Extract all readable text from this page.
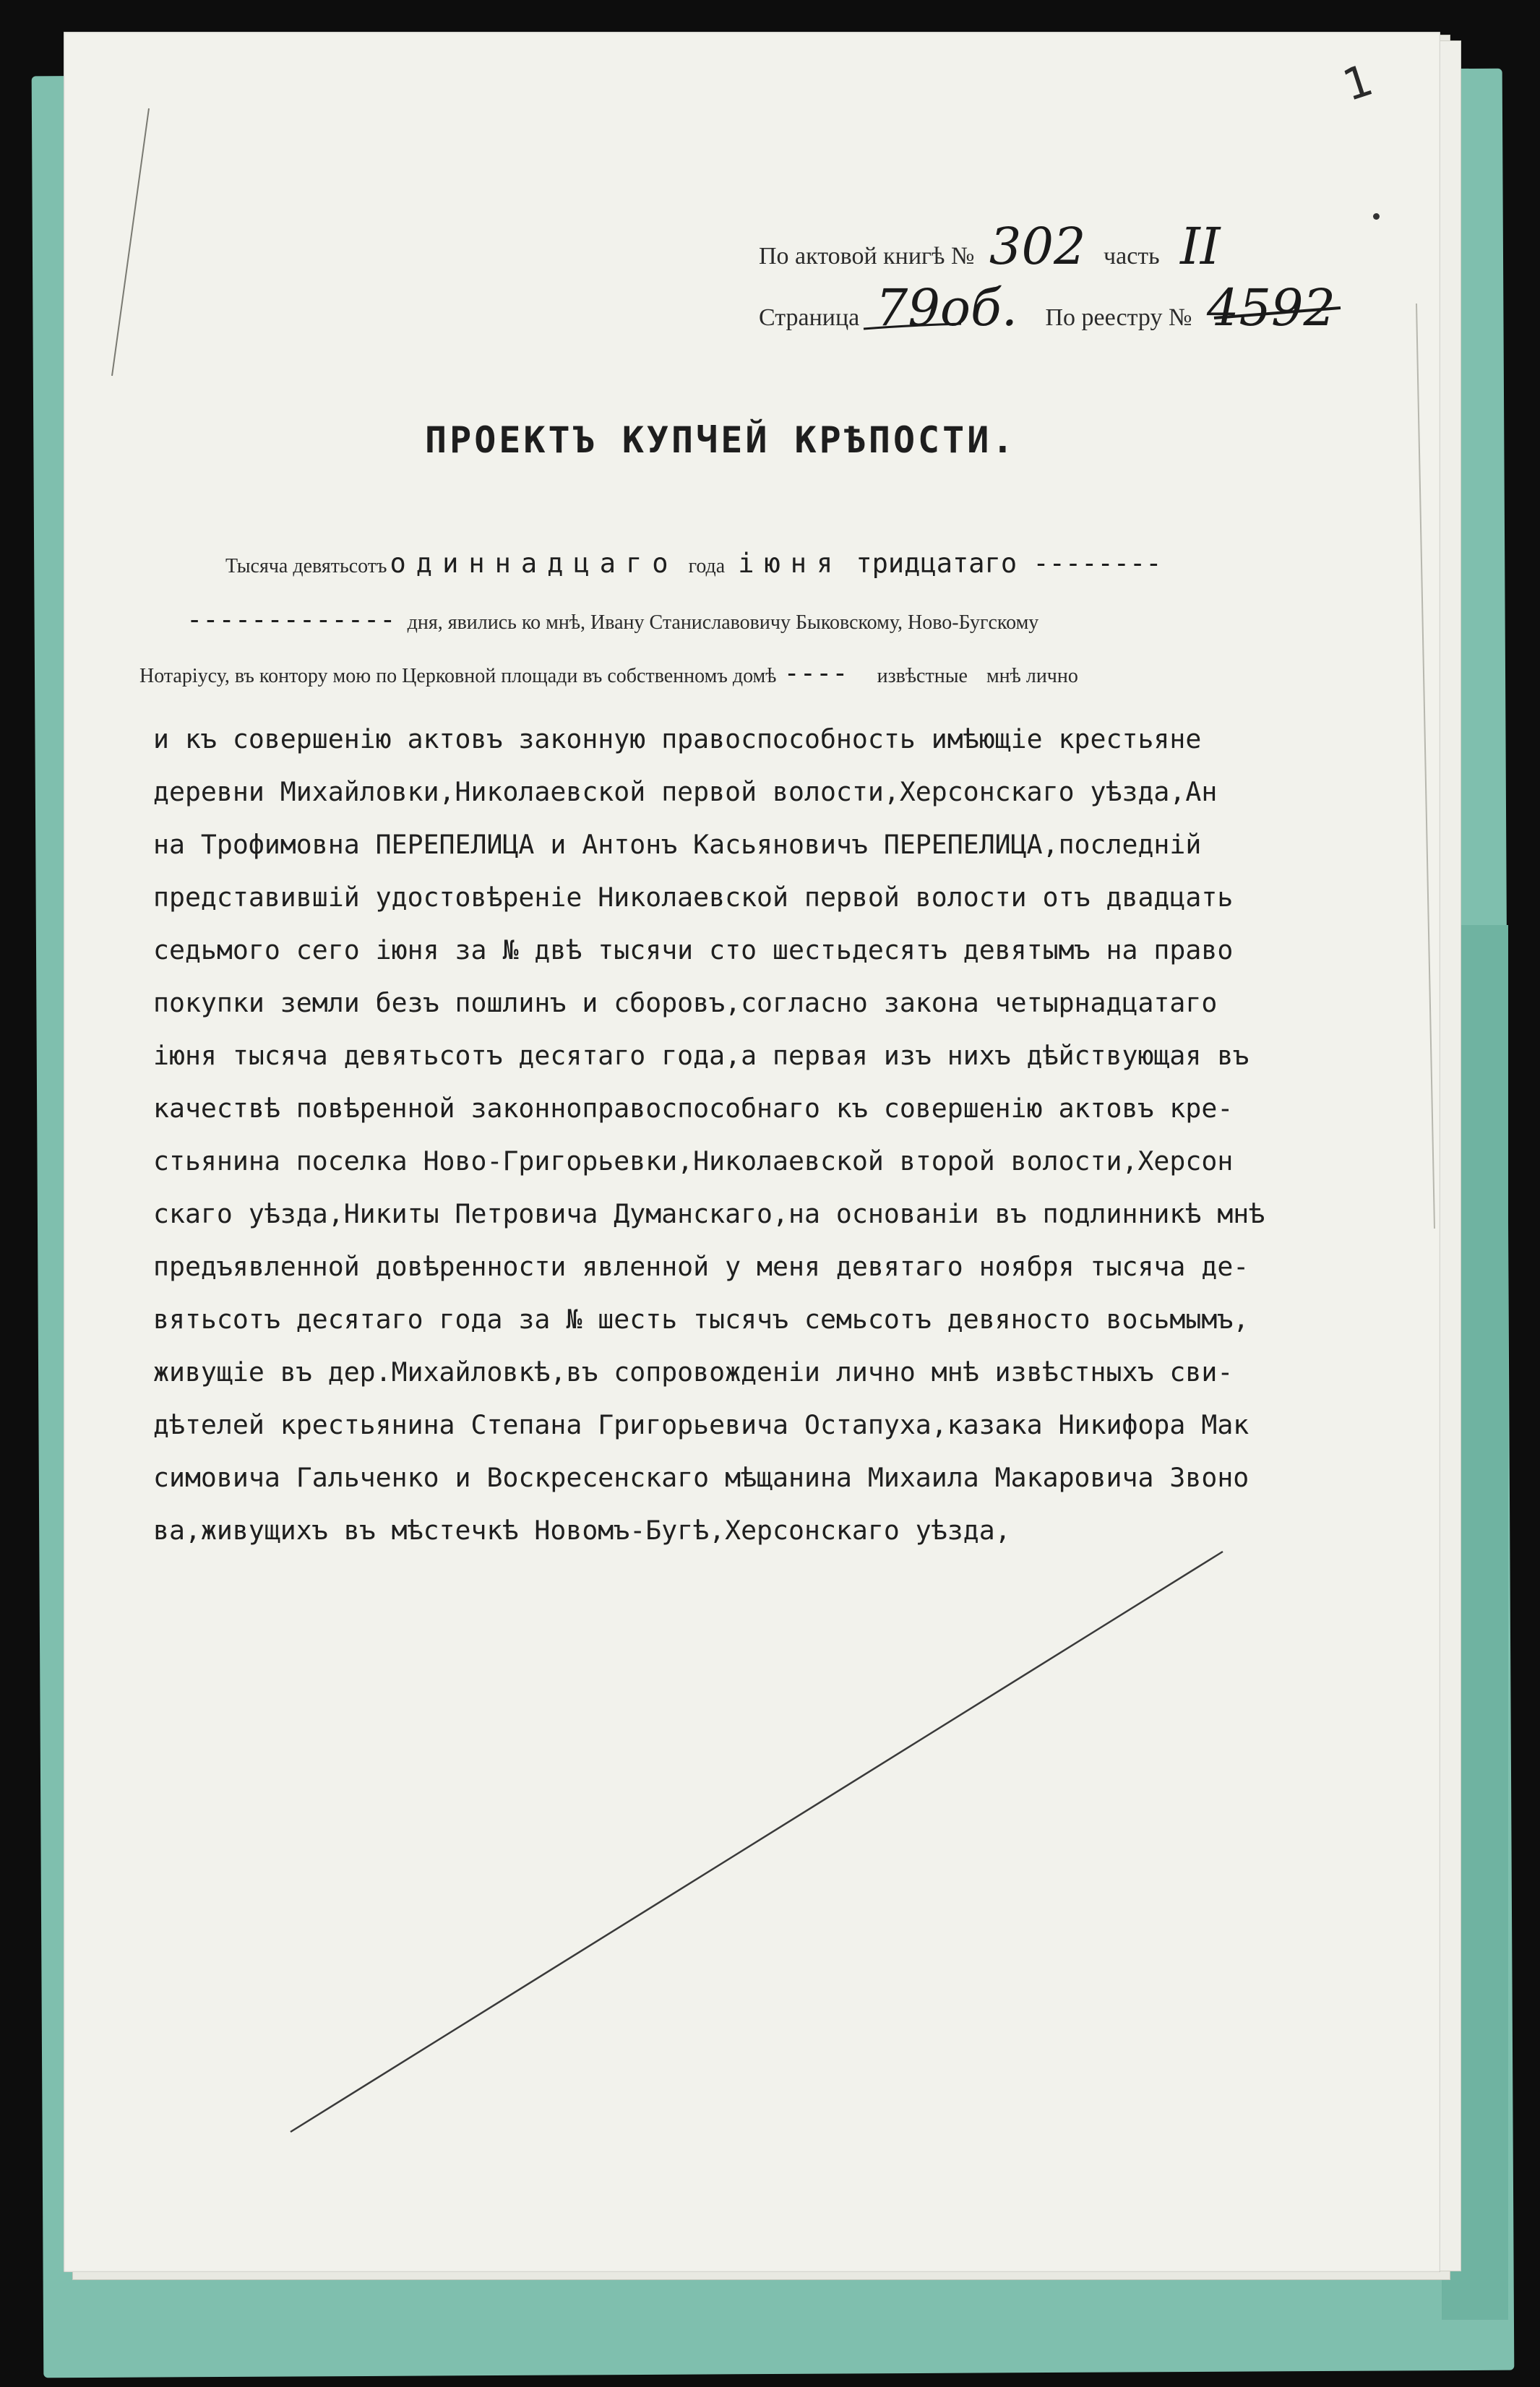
1
По актовой книгѣ № 302 часть II
Страница 79об. По реестру № 4592
ПРОЕКТЪ КУПЧЕЙ КРѢПОСТИ.
Тысяча девятьсотъ одиннадцаго года іюня тридцатаго --------
------------- дня, явились ко мнѣ, Ивану Станиславовичу Быковскому, Ново-Бугскому
Нотаріусу, въ контору мою по Церковной площади въ собственномъ домѣ ---- извѣстные мнѣ лично
и къ совершенію актовъ законную правоспособность имѣющіе крестьяне
деревни Михайловки,Николаевской первой волости,Херсонскаго уѣзда,Ан
на Трофимовна ПЕРЕПЕЛИЦА и Антонъ Касьяновичъ ПЕРЕПЕЛИЦА,последній
представившій удостовѣреніе Николаевской первой волости отъ двадцать
седьмого сего іюня за № двѣ тысячи сто шестьдесятъ девятымъ на право
покупки земли безъ пошлинъ и сборовъ,согласно закона четырнадцатаго
іюня тысяча девятьсотъ десятаго года,а первая изъ нихъ дѣйствующая въ
качествѣ повѣренной законноправоспособнаго къ совершенію актовъ кре-
стьянина поселка Ново-Григорьевки,Николаевской второй волости,Херсон
скаго уѣзда,Никиты Петровича Думанскаго,на основаніи въ подлинникѣ мнѣ
предъявленной довѣренности явленной у меня девятаго ноября тысяча де-
вятьсотъ десятаго года за № шесть тысячъ семьсотъ девяносто восьмымъ,
живущіе въ дер.Михайловкѣ,въ сопровожденіи лично мнѣ извѣстныхъ сви-
дѣтелей крестьянина Степана Григорьевича Остапуха,казака Никифора Мак
симовича Гальченко и Воскресенскаго мѣщанина Михаила Макаровича Звоно
ва,живущихъ въ мѣстечкѣ Новомъ-Бугѣ,Херсонскаго уѣзда,
